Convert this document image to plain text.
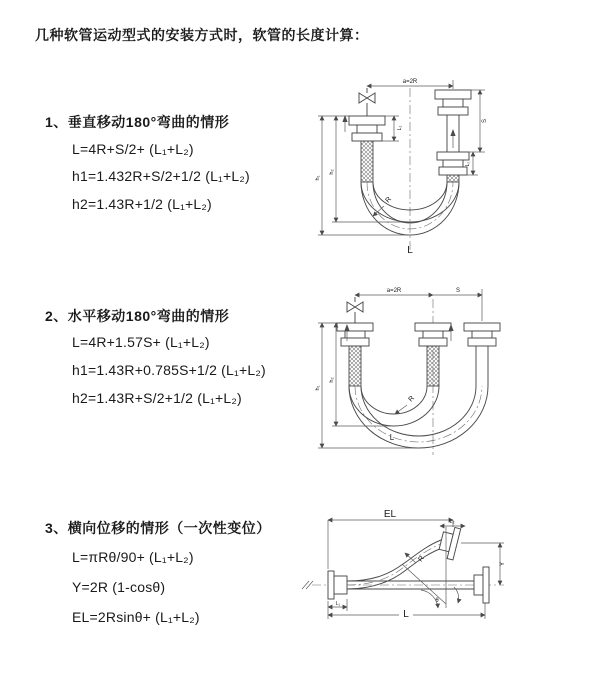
几种软管运动型式的安装方式时，软管的长度计算：
1、垂直移动180°弯曲的情形
L=4R+S/2+ (L₁+L₂)
h1=1.432R+S/2+1/2 (L₁+L₂)
h2=1.43R+1/2 (L₁+L₂)
2、水平移动180°弯曲的情形
L=4R+1.57S+ (L₁+L₂)
h1=1.43R+0.785S+1/2 (L₁+L₂)
h2=1.43R+S/2+1/2 (L₁+L₂)
3、横向位移的情形（一次性变位）
L=πRθ/90+ (L₁+L₂)
Y=2R (1-cosθ)
EL=2Rsinθ+ (L₁+L₂)
a=2R
L₁
h₁
h₂
S
L₂
R
L
a=2R	S
h₁
h₂
R
L
EL
L₂
Y
θ
R
L₁
L
